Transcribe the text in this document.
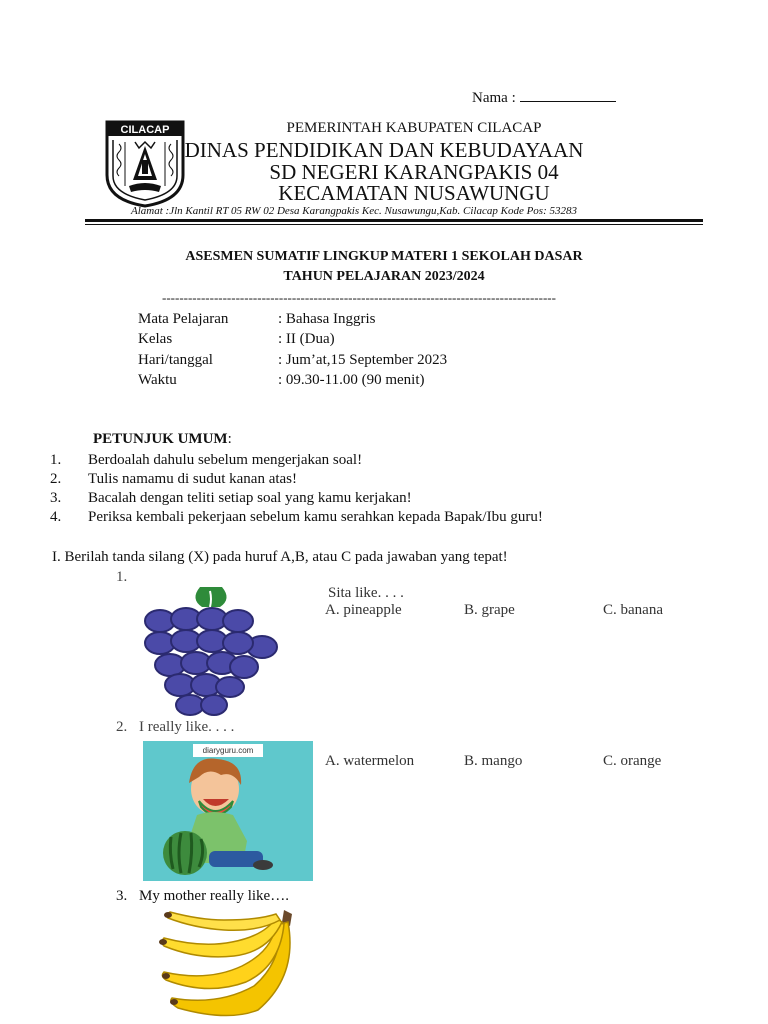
Nama :
CILACAP	PEMERINTAH KABUPATEN CILACAP
DINAS PENDIDIKAN DAN KEBUDAYAAN
SD NEGERI KARANGPAKIS 04
KECAMATAN NUSAWUNGU
Alamat :Jln Kantil RT 05 RW 02 Desa Karangpakis Kec. Nusawungu,Kab. Cilacap Kode Pos: 53283
ASESMEN SUMATIF LINGKUP MATERI 1 SEKOLAH DASAR
TAHUN PELAJARAN 2023/2024
-------------------------------------------------------------------------------------------
Mata Pelajaran	: Bahasa Inggris
Kelas	: II (Dua)
Hari/tanggal	: Jum’at,15 September 2023
Waktu	: 09.30-11.00 (90 menit)
PETUNJUK UMUM:
1. Berdoalah dahulu sebelum mengerjakan soal!
2. Tulis namamu di sudut kanan atas!
3. Bacalah dengan teliti setiap soal yang kamu kerjakan!
4. Periksa kembali pekerjaan sebelum kamu serahkan kepada Bapak/Ibu guru!
I. Berilah tanda silang (X) pada huruf A,B, atau C pada jawaban yang tepat!
1.
Sita like. . . .
A. pineapple	B. grape	C. banana
2. I really like. . . .
diaryguru.com
A. watermelon	B. mango	C. orange
3. My mother really like….
